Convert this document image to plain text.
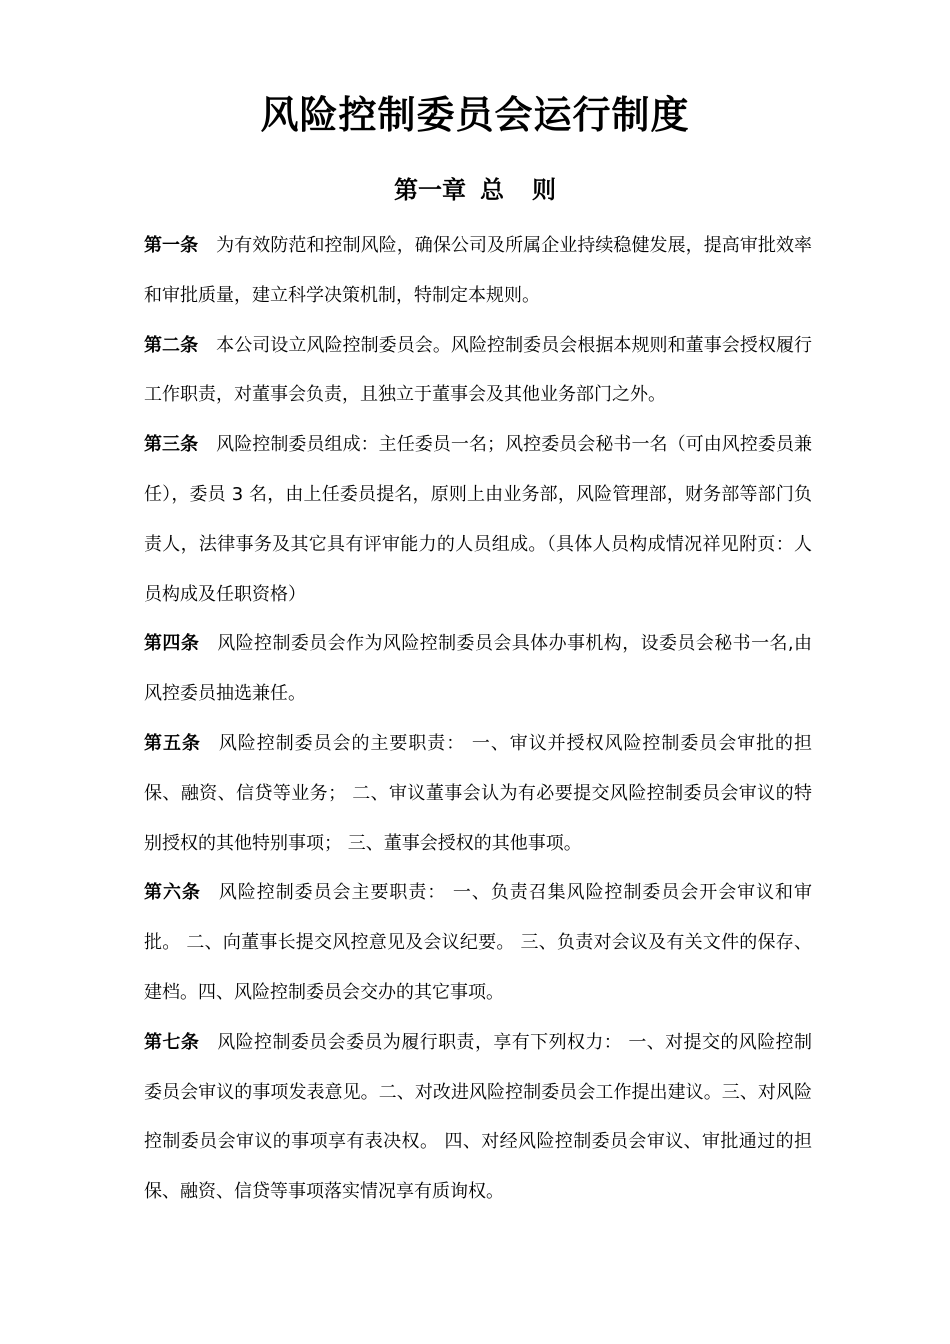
风险控制委员会运行制度
第一章 总 则

第一条 为有效防范和控制风险，确保公司及所属企业持续稳健发展，提高审批效率和审批质量，建立科学决策机制，特制定本规则。

第二条 本公司设立风险控制委员会。风险控制委员会根据本规则和董事会授权履行工作职责，对董事会负责，且独立于董事会及其他业务部门之外。

第三条 风险控制委员组成：主任委员一名；风控委员会秘书一名（可由风控委员兼任），委员 3 名，由上任委员提名，原则上由业务部，风险管理部，财务部等部门负责人，法律事务及其它具有评审能力的人员组成。（具体人员构成情况祥见附页：人员构成及任职资格）

第四条 风险控制委员会作为风险控制委员会具体办事机构，设委员会秘书一名,由风控委员抽选兼任。

第五条 风险控制委员会的主要职责： 一、审议并授权风险控制委员会审批的担保、融资、信贷等业务； 二、审议董事会认为有必要提交风险控制委员会审议的特别授权的其他特别事项； 三、董事会授权的其他事项。

第六条 风险控制委员会主要职责： 一、负责召集风险控制委员会开会审议和审批。 二、向董事长提交风控意见及会议纪要。 三、负责对会议及有关文件的保存、建档。四、风险控制委员会交办的其它事项。

第七条 风险控制委员会委员为履行职责，享有下列权力： 一、对提交的风险控制委员会审议的事项发表意见。二、对改进风险控制委员会工作提出建议。三、对风险控制委员会审议的事项享有表决权。 四、对经风险控制委员会审议、审批通过的担保、融资、信贷等事项落实情况享有质询权。
